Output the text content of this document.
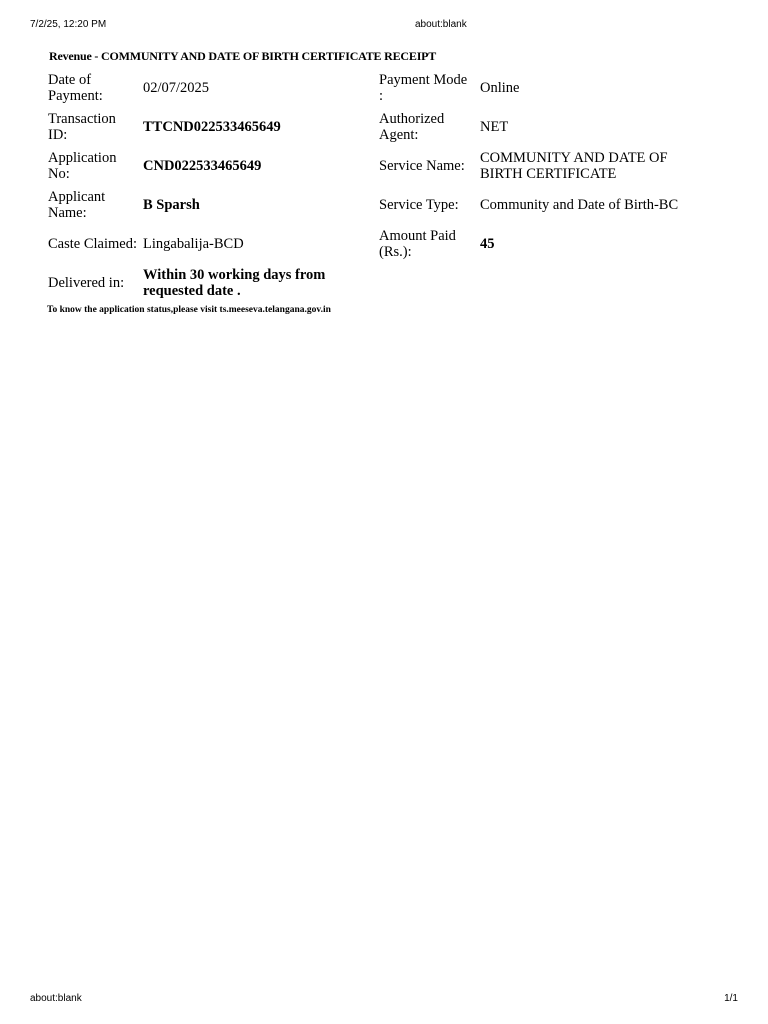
7/2/25, 12:20 PM	about:blank
Revenue - COMMUNITY AND DATE OF BIRTH CERTIFICATE RECEIPT
Date of Payment:	02/07/2025	Payment Mode :	Online
Transaction ID:	TTCND022533465649	Authorized Agent:	NET
Application No:	CND022533465649	Service Name:	COMMUNITY AND DATE OF BIRTH CERTIFICATE
Applicant Name:	B Sparsh	Service Type:	Community and Date of Birth-BC
Caste Claimed:	Lingabalija-BCD	Amount Paid (Rs.):	45
Delivered in:	Within 30 working days from requested date .		
To know the application status,please visit ts.meeseva.telangana.gov.in
about:blank	1/1
